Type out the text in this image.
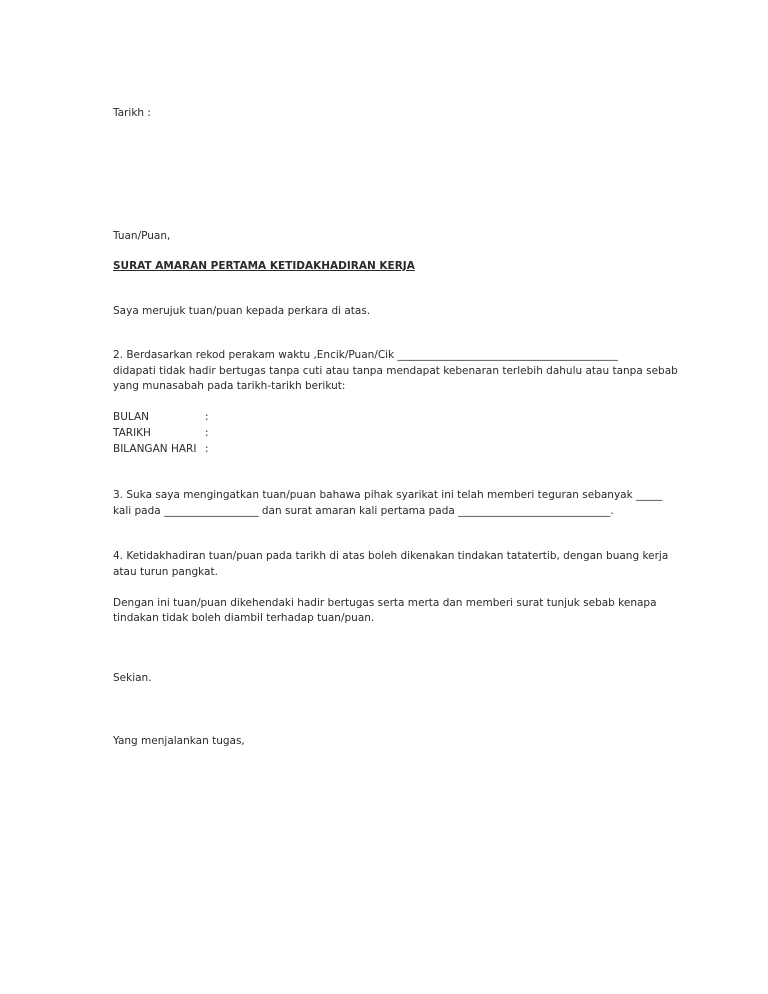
Tarikh :

Tuan/Puan,

SURAT AMARAN PERTAMA KETIDAKHADIRAN KERJA

Saya merujuk tuan/puan kepada perkara di atas.

2. Berdasarkan rekod perakam waktu ,Encik/Puan/Cik __________________________________________

didapati tidak hadir bertugas tanpa cuti atau tanpa mendapat kebenaran terlebih dahulu atau tanpa sebab

yang munasabah pada tarikh-tarikh berikut:

BULAN	:

TARIKH	:

BILANGAN HARI :

3. Suka saya mengingatkan tuan/puan bahawa pihak syarikat ini telah memberi teguran sebanyak _____

kali pada __________________ dan surat amaran kali pertama pada _____________________________.

4. Ketidakhadiran tuan/puan pada tarikh di atas boleh dikenakan tindakan tatatertib, dengan buang kerja

atau turun pangkat.

Dengan ini tuan/puan dikehendaki hadir bertugas serta merta dan memberi surat tunjuk sebab kenapa

tindakan tidak boleh diambil terhadap tuan/puan.

Sekian.

Yang menjalankan tugas,
